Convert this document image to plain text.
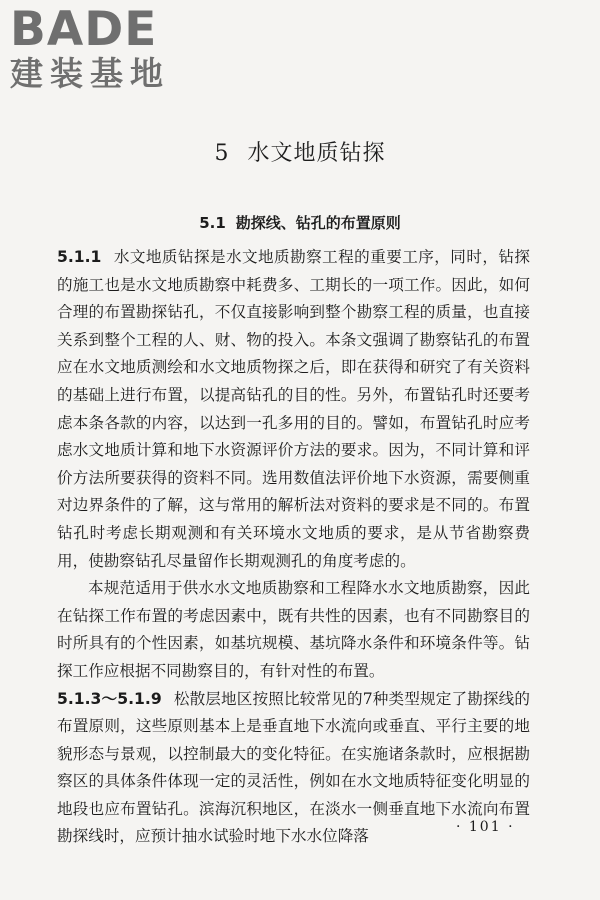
BADE
建装基地
5 水文地质钻探
5.1 勘探线、钻孔的布置原则

5.1.1 水文地质钻探是水文地质勘察工程的重要工序，同时，钻探的施工也是水文地质勘察中耗费多、工期长的一项工作。因此，如何合理的布置勘探钻孔，不仅直接影响到整个勘察工程的质量，也直接关系到整个工程的人、财、物的投入。本条文强调了勘察钻孔的布置应在水文地质测绘和水文地质物探之后，即在获得和研究了有关资料的基础上进行布置，以提高钻孔的目的性。另外，布置钻孔时还要考虑本条各款的内容，以达到一孔多用的目的。譬如，布置钻孔时应考虑水文地质计算和地下水资源评价方法的要求。因为，不同计算和评价方法所要获得的资料不同。选用数值法评价地下水资源，需要侧重对边界条件的了解，这与常用的解析法对资料的要求是不同的。布置钻孔时考虑长期观测和有关环境水文地质的要求，是从节省勘察费用，使勘察钻孔尽量留作长期观测孔的角度考虑的。

本规范适用于供水水文地质勘察和工程降水水文地质勘察，因此在钻探工作布置的考虑因素中，既有共性的因素，也有不同勘察目的时所具有的个性因素，如基坑规模、基坑降水条件和环境条件等。钻探工作应根据不同勘察目的，有针对性的布置。

5.1.3～5.1.9 松散层地区按照比较常见的7种类型规定了勘探线的布置原则，这些原则基本上是垂直地下水流向或垂直、平行主要的地貌形态与景观，以控制最大的变化特征。在实施诸条款时，应根据勘察区的具体条件体现一定的灵活性，例如在水文地质特征变化明显的地段也应布置钻孔。滨海沉积地区，在淡水一侧垂直地下水流向布置勘探线时，应预计抽水试验时地下水水位降落

· 101 ·
